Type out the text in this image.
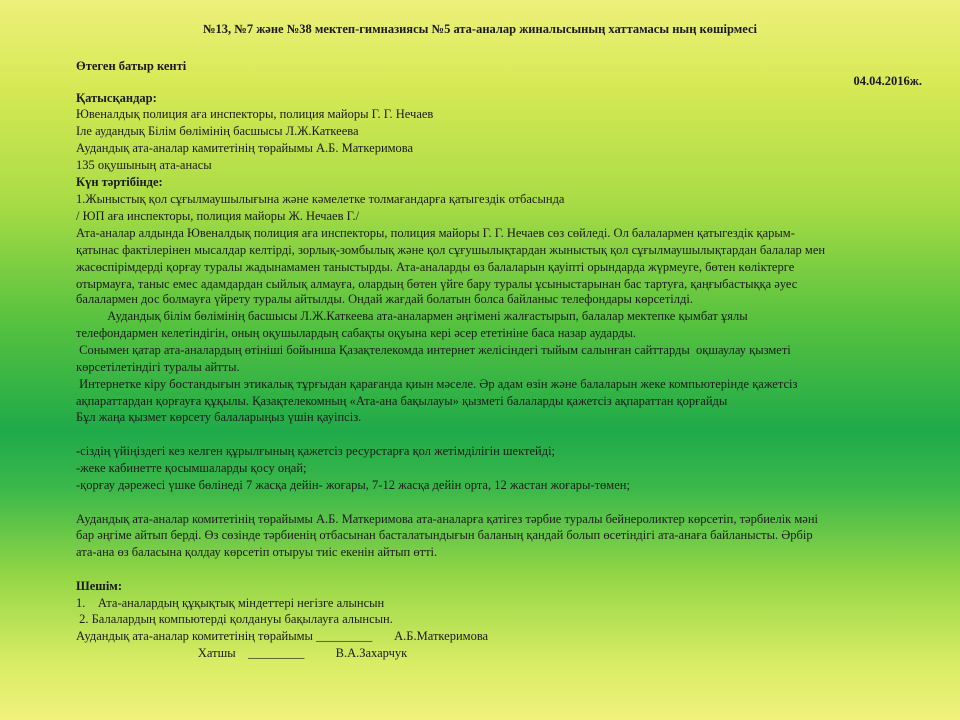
№13, №7 және №38 мектеп-гимназиясы №5 ата-аналар жиналысының хаттамасы ның көшірмесі
Өтеген батыр кенті
04.04.2016ж.
Қатысқандар:
Ювеналдық полиция аға инспекторы, полиция майоры Г. Г. Нечаев
Іле аудандық Білім бөлімінің басшысы Л.Ж.Каткеева
Аудандық ата-аналар камитетінің төрайымы А.Б. Маткеримова
135 оқушының ата-анасы
Күн тәртібінде:
1.Жыныстық қол сұғылмаушылығына және кәмелетке толмағандарға қатыгездік отбасында
/ ЮП аға инспекторы, полиция майоры Ж. Нечаев Г./
Ата-анaлар алдында Ювеналдық полиция аға инспекторы, полиция майоры Г. Г. Нечаев сөз сөйледі. Ол балалармен қатыгездік қарым-
қатынас фактілерінен мысалдар келтірді, зорлық-зомбылық және қол сұғушылықтардан жыныстық қол сұғылмаушылықтардан балалар мен
жасөспірімдерді қорғау туралы жадынамамен таныстырды. Ата-аналарды өз балаларын қауіпті орындарда жүрмеуге, бөтен көліктерге
отырмауға, таныс емес адамдардан сыйлық алмауға, олардың бөтен үйге бару туралы ұсыныстарынан бас тартуға, қаңғыбастыққа әуес
балалармен дос болмауға үйрету туралы айтылды. Ондай жағдай болатын болса байланыс телефондары көрсетілді.
Аудандық білім бөлімінің басшысы Л.Ж.Каткеева ата-аналармен әңгімені жалғастырып, балалар мектепке қымбат ұялы
телефондармен келетіндігін, оның оқушылардың сабақты оқуына кері әсер ететініне баса назар аударды.
Сонымен қатар ата-аналардың өтініші бойынша Қазақтелекомда интернет желісіндегі тыйым салынған сайттарды  оқшаулау қызметі
көрсетілетіндігі туралы айтты.
Интернетке кіру бостандығын этикалық тұрғыдан қарағанда қиын мәселе. Әр адам өзін және балаларын жеке компьютерінде қажетсіз
ақпараттардан қорғауға құқылы. Қазақтелекомның «Ата-ана бақылауы» қызметі балаларды қажетсіз ақпараттан қорғайды
Бұл жаңа қызмет көрсету балаларыңыз үшін қауіпсіз.
-сіздің үйіңіздегі кез келген құрылғының қажетсіз ресурстарға қол жетімділігін шектейді;
-жеке кабинетте қосымшаларды қосу оңай;
-қорғау дәрежесі үшке бөлінеді 7 жасқа дейін- жоғары, 7-12 жасқа дейін орта, 12 жастан жоғары-төмен;
Аудандық ата-аналар комитетінің төрайымы А.Б. Маткеримова ата-аналарға қатігез тәрбие туралы бейнероликтер көрсетіп, тәрбиелік мәні
бар әңгіме айтып берді. Өз сөзінде тәрбиенің отбасынан басталатындығын баланың қандай болып өсетіндігі ата-анаға байланысты. Әрбір
ата-ана өз баласына қолдау көрсетіп отыруы тиіс екенін айтып өтті.
Шешім:
1.    Ата-аналардың құқықтық міндеттері негізге алынсын
2. Балалардың компьютерді қолдануы бақылауға алынсын.
Аудандық ата-аналар комитетінің төрайымы _________       А.Б.Маткеримова
Хатшы    _________          В.А.Захарчук
